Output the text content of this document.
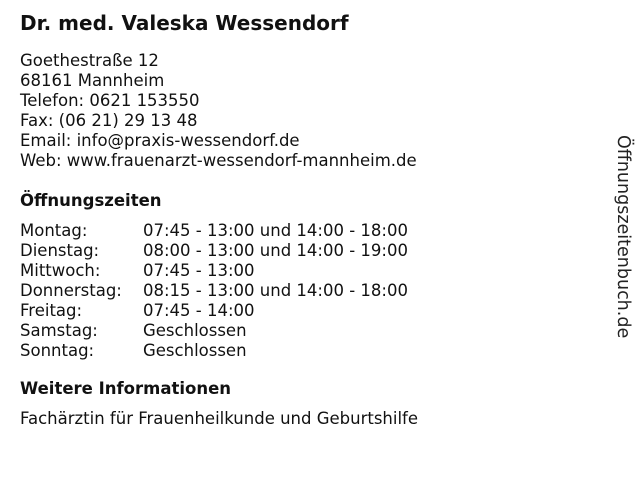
Dr. med. Valeska Wessendorf
Goethestraße 12
68161 Mannheim
Telefon: 0621 153550
Fax: (06 21) 29 13 48
Email: info@praxis-wessendorf.de
Web: www.frauenarzt-wessendorf-mannheim.de
Öffnungszeiten
Montag:	07:45 - 13:00 und 14:00 - 18:00
Dienstag:	08:00 - 13:00 und 14:00 - 19:00
Mittwoch:	07:45 - 13:00
Donnerstag:	08:15 - 13:00 und 14:00 - 18:00
Freitag:	07:45 - 14:00
Samstag:	Geschlossen
Sonntag:	Geschlossen
Weitere Informationen
Fachärztin für Frauenheilkunde und Geburtshilfe
Öffnungszeitenbuch.de
